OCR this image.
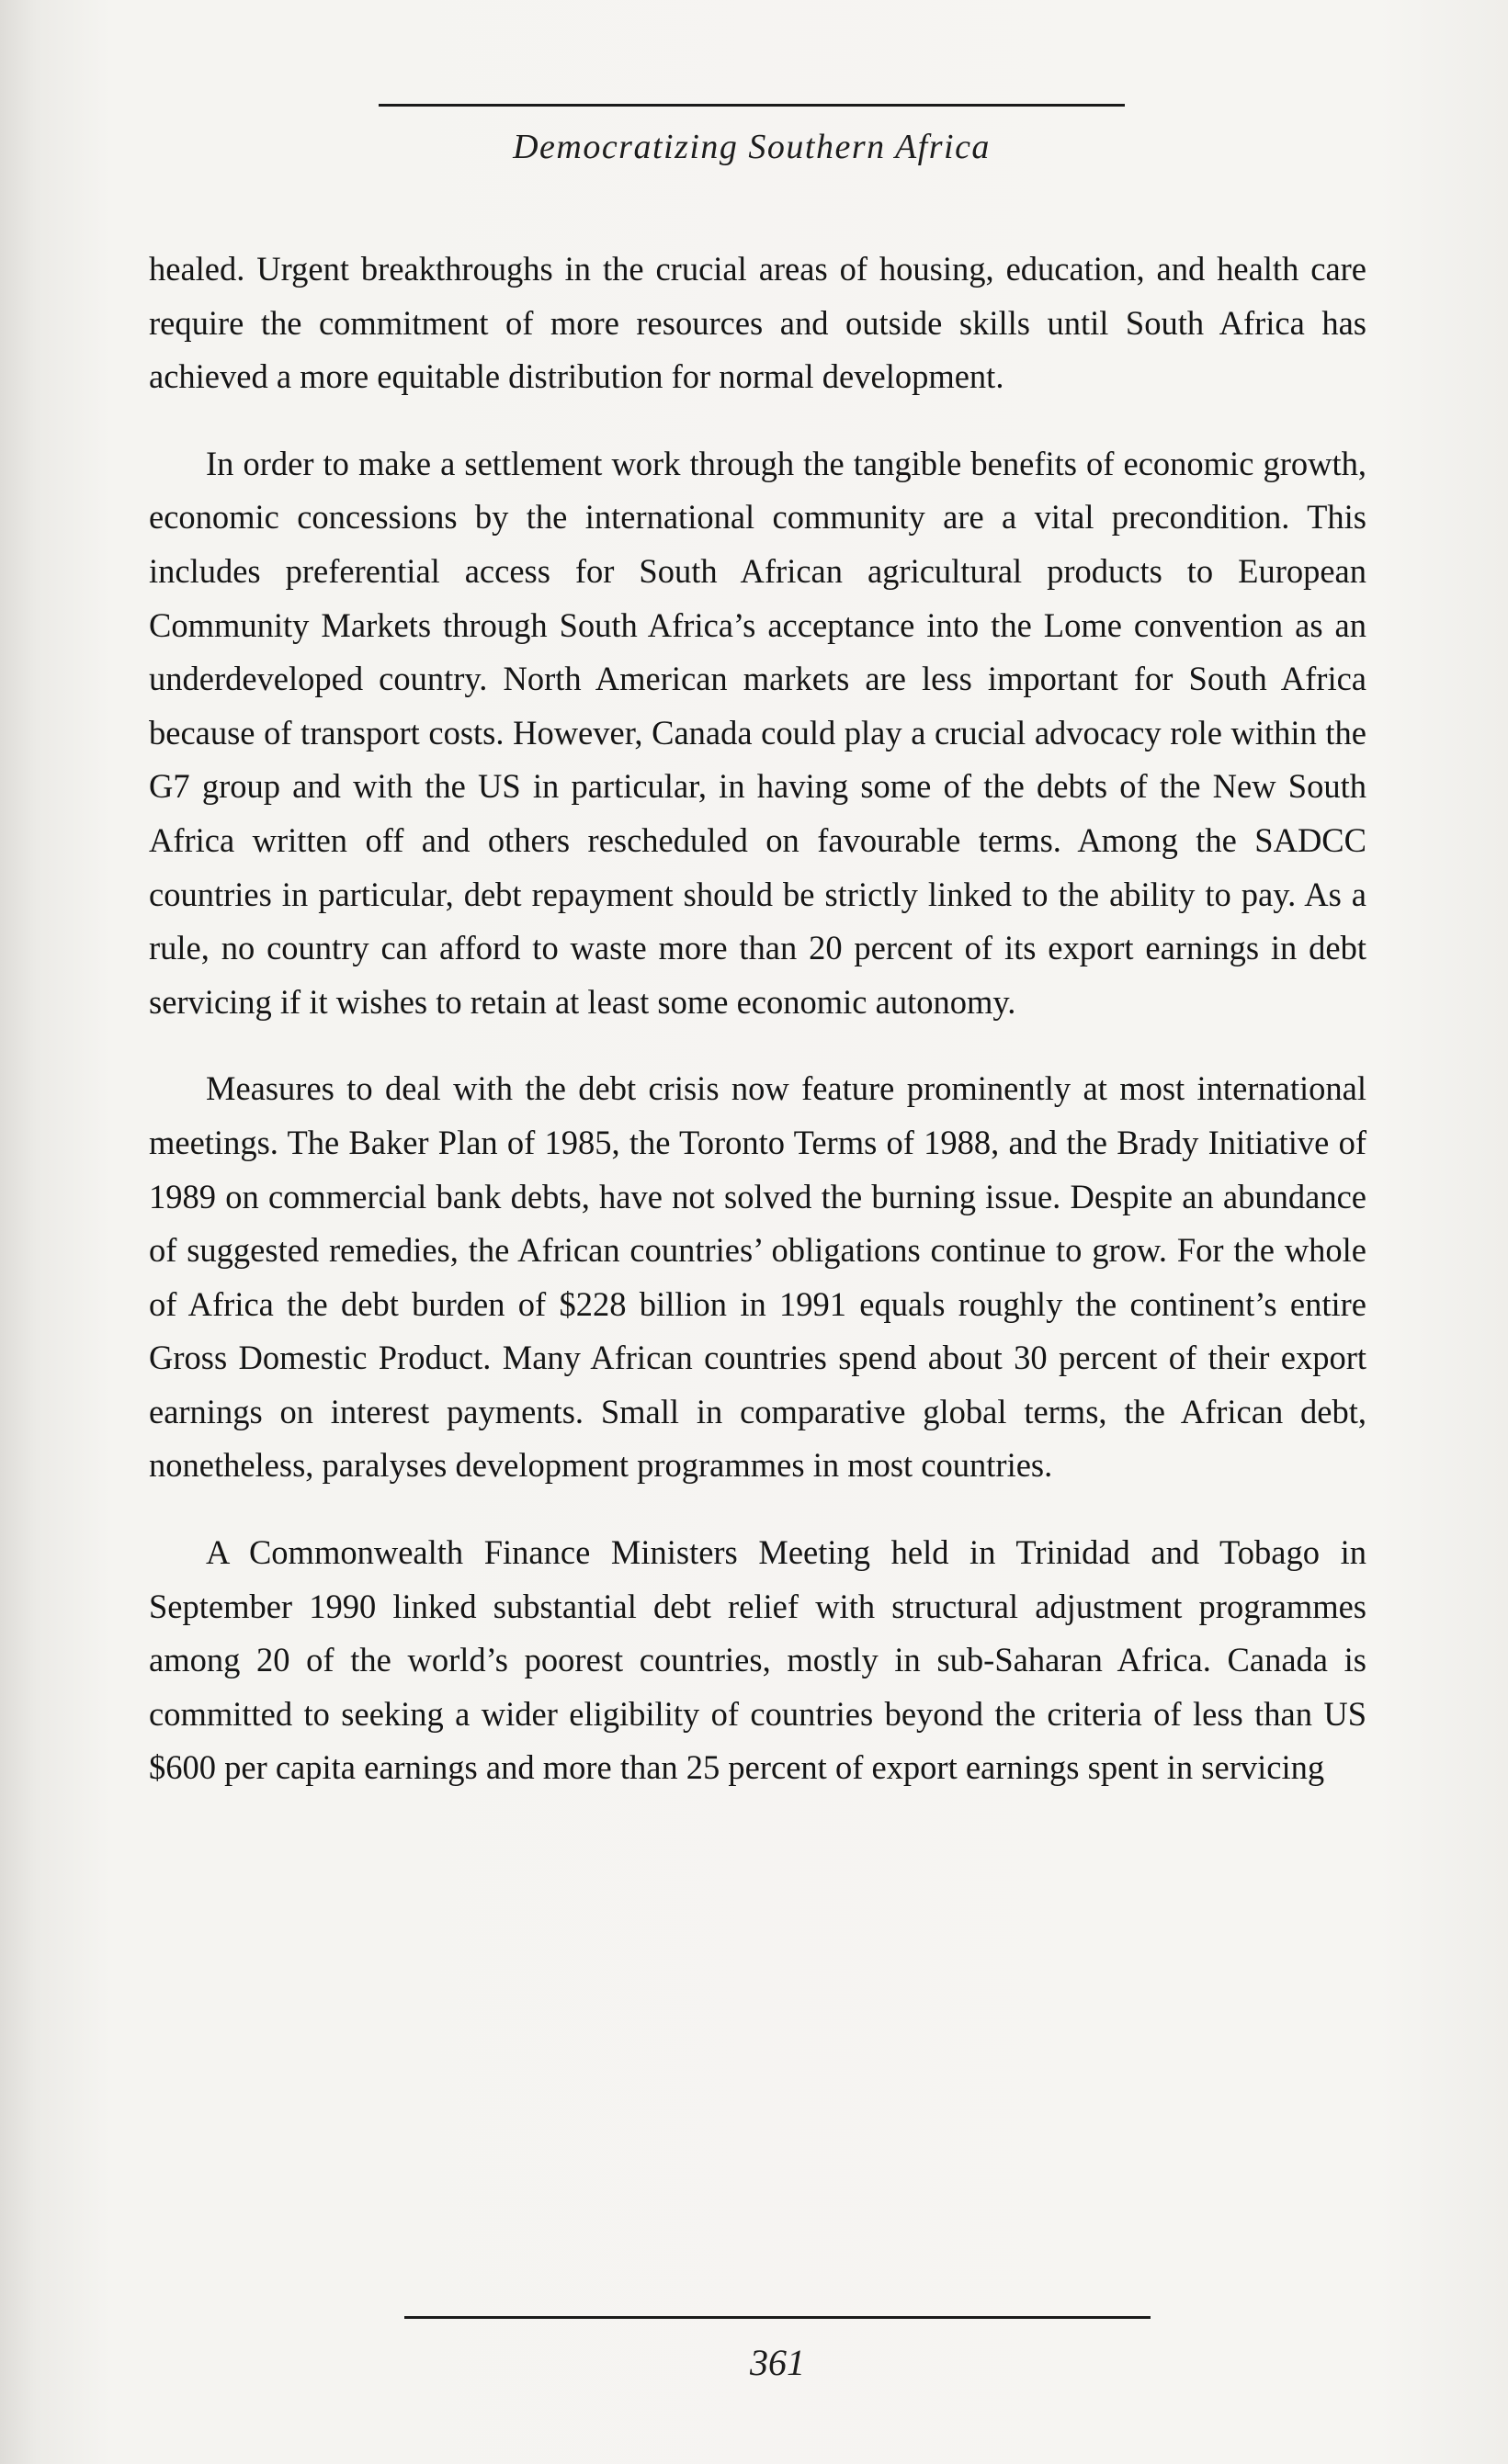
Democratizing Southern Africa

healed. Urgent breakthroughs in the crucial areas of housing, education, and health care require the commitment of more resources and outside skills until South Africa has achieved a more equitable distribution for normal development.

In order to make a settlement work through the tangible benefits of economic growth, economic concessions by the international community are a vital precondition. This includes preferential access for South African agricultural products to European Community Markets through South Africa’s acceptance into the Lome convention as an underdeveloped country. North American markets are less important for South Africa because of transport costs. However, Canada could play a crucial advocacy role within the G7 group and with the US in particular, in having some of the debts of the New South Africa written off and others rescheduled on favourable terms. Among the SADCC countries in particular, debt repayment should be strictly linked to the ability to pay. As a rule, no country can afford to waste more than 20 percent of its export earnings in debt servicing if it wishes to retain at least some economic autonomy.

Measures to deal with the debt crisis now feature prominently at most international meetings. The Baker Plan of 1985, the Toronto Terms of 1988, and the Brady Initiative of 1989 on commercial bank debts, have not solved the burning issue. Despite an abundance of suggested remedies, the African countries’ obligations continue to grow. For the whole of Africa the debt burden of $228 billion in 1991 equals roughly the continent’s entire Gross Domestic Product. Many African countries spend about 30 percent of their export earnings on interest payments. Small in comparative global terms, the African debt, nonetheless, paralyses development programmes in most countries.

A Commonwealth Finance Ministers Meeting held in Trinidad and Tobago in September 1990 linked substantial debt relief with structural adjustment programmes among 20 of the world’s poorest countries, mostly in sub-Saharan Africa. Canada is committed to seeking a wider eligibility of countries beyond the criteria of less than US $600 per capita earnings and more than 25 percent of export earnings spent in servicing

361
